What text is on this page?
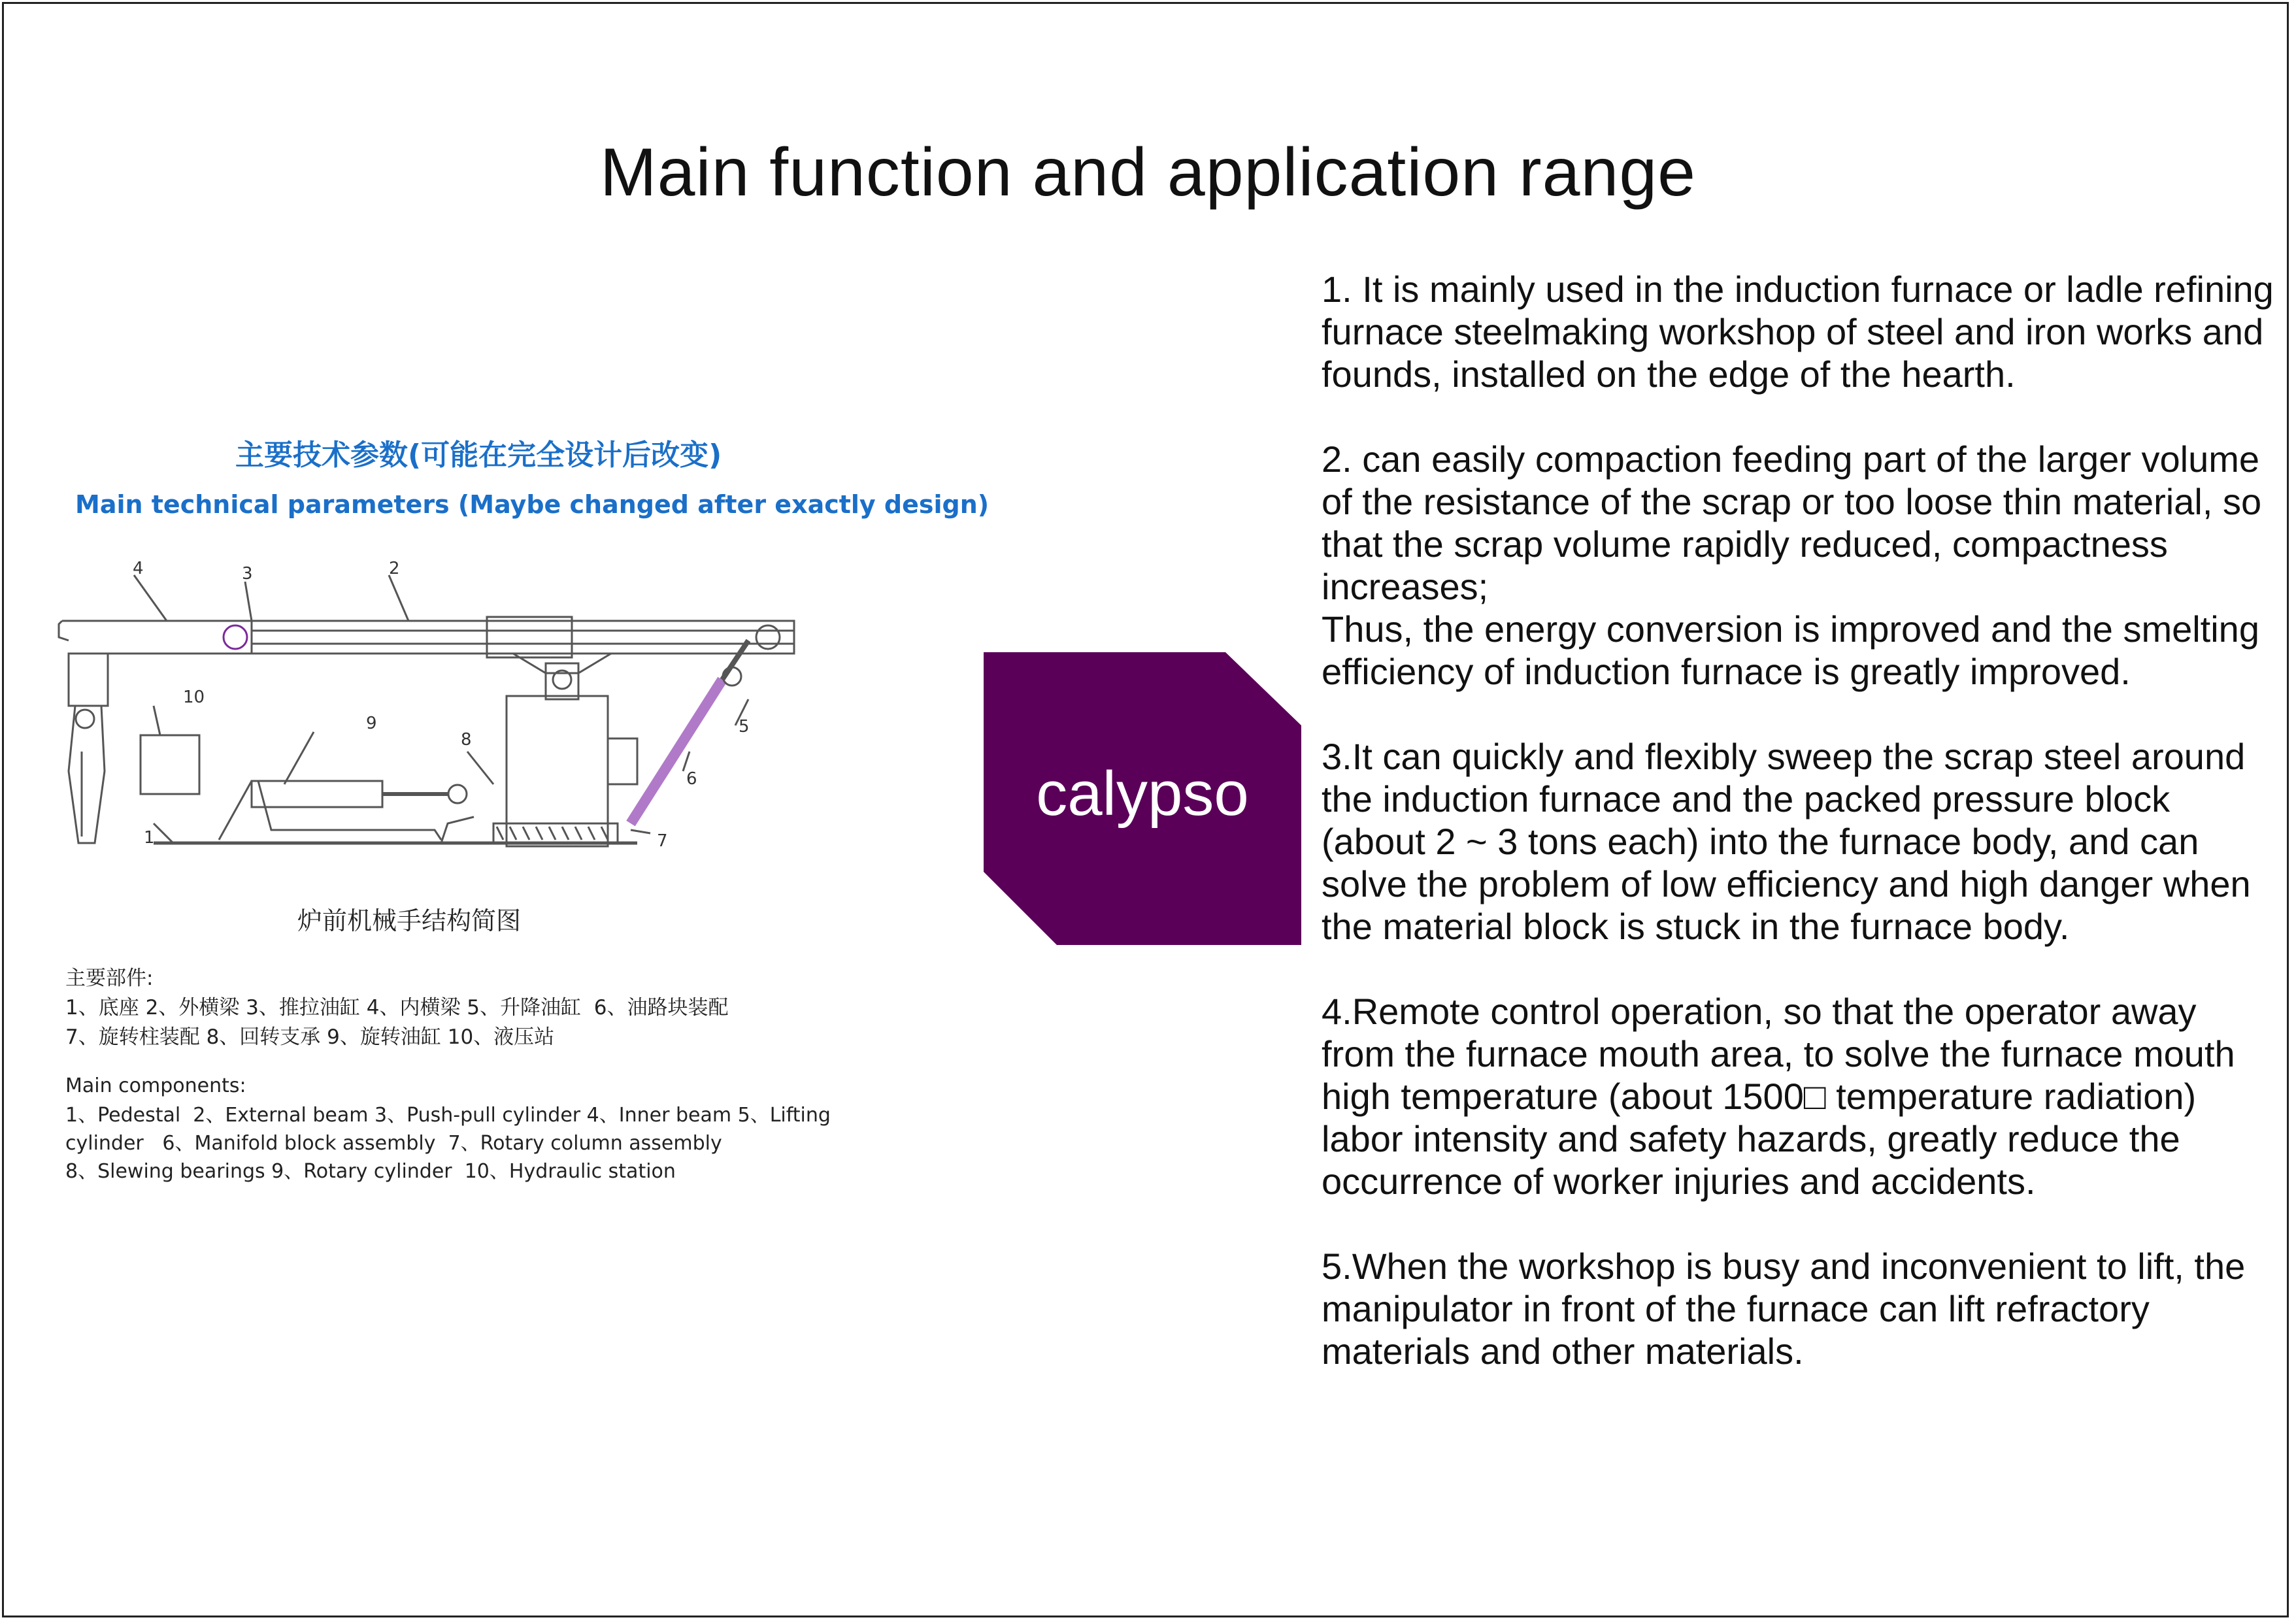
Main function and application range
主要技术参数(可能在完全设计后改变)
Main technical parameters (Maybe changed after exactly design)
1
2
3
4
5
6
7
8
9
10
炉前机械手结构简图
主要部件:
1、底座 2、外横梁 3、推拉油缸 4、内横梁 5、升降油缸  6、油路块装配
7、旋转柱装配 8、回转支承 9、旋转油缸 10、液压站
Main components:
1、Pedestal  2、External beam 3、Push-pull cylinder 4、Inner beam 5、Lifting
cylinder   6、Manifold block assembly  7、Rotary column assembly
8、Slewing bearings 9、Rotary cylinder  10、Hydraulic station
calypso

1. It is mainly used in the induction furnace or ladle refining furnace steelmaking workshop of steel and iron works and founds, installed on the edge of the hearth.

2. can easily compaction feeding part of the larger volume of the resistance of the scrap or too loose thin material, so that the scrap volume rapidly reduced, compactness increases;
Thus, the energy conversion is improved and the smelting efficiency of induction furnace is greatly improved.

3.It can quickly and flexibly sweep the scrap steel around the induction furnace and the packed pressure block (about 2 ~ 3 tons each) into the furnace body, and can solve the problem of low efficiency and high danger when the material block is stuck in the furnace body.

4.Remote control operation, so that the operator away from the furnace mouth area, to solve the furnace mouth high temperature (about 1500□ temperature radiation) labor intensity and safety hazards, greatly reduce the occurrence of worker injuries and accidents.

5.When the workshop is busy and inconvenient to lift, the manipulator in front of the furnace can lift refractory materials and other materials.
